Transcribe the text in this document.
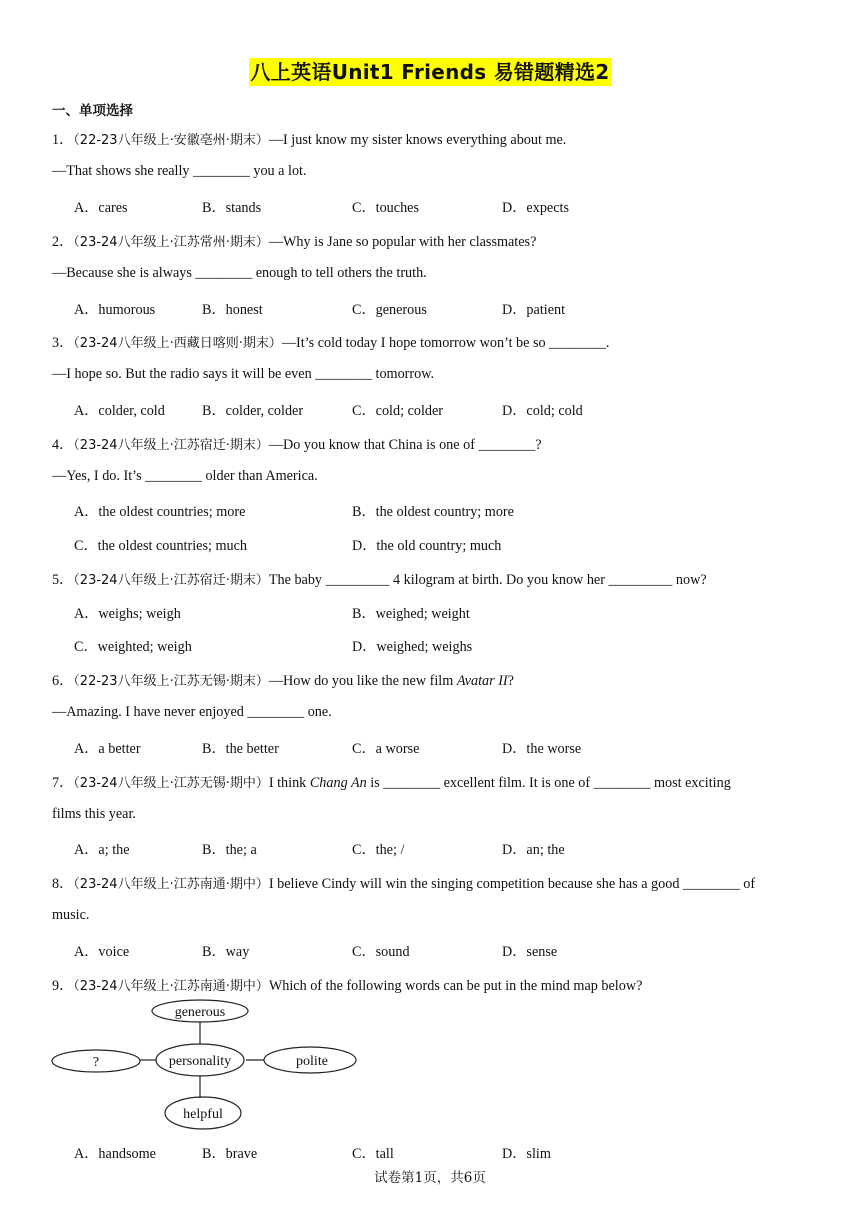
八上英语Unit1 Friends 易错题精选2
一、单项选择
1．（22-23八年级上·安徽亳州·期末）—I just know my sister knows everything about me.
—That shows she really ________ you a lot.
A．cares	B．stands	C．touches	D．expects
2．（23-24八年级上·江苏常州·期末）—Why is Jane so popular with her classmates?
—Because she is always ________ enough to tell others the truth.
A．humorous	B．honest	C．generous	D．patient
3．（23-24八年级上·西藏日喀则·期末）—It’s cold today I hope tomorrow won’t be so ________.
—I hope so. But the radio says it will be even ________ tomorrow.
A．colder, cold	B．colder, colder	C．cold; colder	D．cold; cold
4．（23-24八年级上·江苏宿迁·期末）—Do you know that China is one of ________?
—Yes, I do. It’s ________ older than America.
A．the oldest countries; more	B．the oldest country; more
C．the oldest countries; much	D．the old country; much
5．（23-24八年级上·江苏宿迁·期末）The baby _________ 4 kilogram at birth. Do you know her _________ now?
A．weighs; weigh	B．weighed; weight
C．weighted; weigh	D．weighed; weighs
6．（22-23八年级上·江苏无锡·期末）—How do you like the new film Avatar II?
—Amazing. I have never enjoyed ________ one.
A．a better	B．the better	C．a worse	D．the worse
7．（23-24八年级上·江苏无锡·期中）I think Chang An is ________ excellent film. It is one of ________ most exciting
films this year.
A．a; the	B．the; a	C．the; /	D．an; the
8．（23-24八年级上·江苏南通·期中）I believe Cindy will win the singing competition because she has a good ________ of
music.
A．voice	B．way	C．sound	D．sense
9．（23-24八年级上·江苏南通·期中）Which of the following words can be put in the mind map below?
generous
?	personality	polite
helpful
A．handsome	B．brave	C．tall	D．slim
试卷第1页，共6页
